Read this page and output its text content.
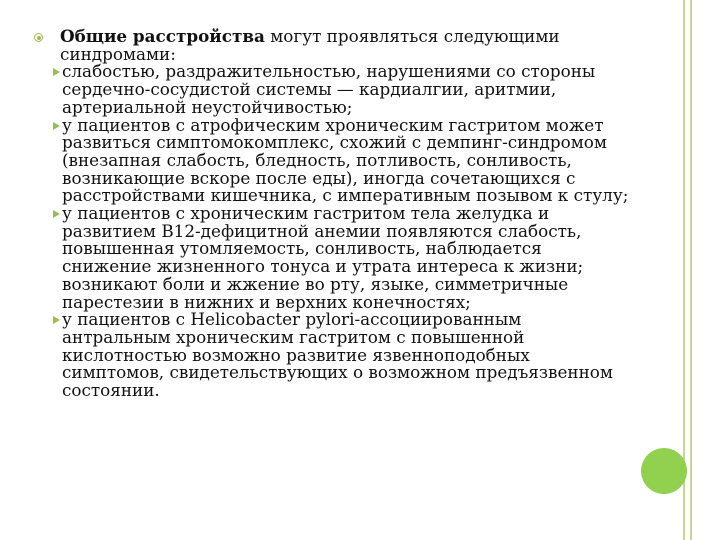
Общие расстройства могут проявляться следующими синдромами:
слабостью, раздражительностью, нарушениями со стороны сердечно-сосудистой системы — кардиалгии, аритмии, артериальной неустойчивостью;
у пациентов с атрофическим хроническим гастритом может развиться симптомокомплекс, схожий с демпинг-синдромом (внезапная слабость, бледность, потливость, сонливость, возникающие вскоре после еды), иногда сочетающихся с расстройствами кишечника, с императивным позывом к стулу;
у пациентов с хроническим гастритом тела желудка и развитием В12-дефицитной анемии появляются слабость, повышенная утомляемость, сонливость, наблюдается снижение жизненного тонуса и утрата интереса к жизни; возникают боли и жжение во рту, языке, симметричные парестезии в нижних и верхних конечностях;
у пациентов с Helicobacter pylori-ассоциированным антральным хроническим гастритом с повышенной кислотностью возможно развитие язвенноподобных симптомов, свидетельствующих о возможном предъязвенном состоянии.
